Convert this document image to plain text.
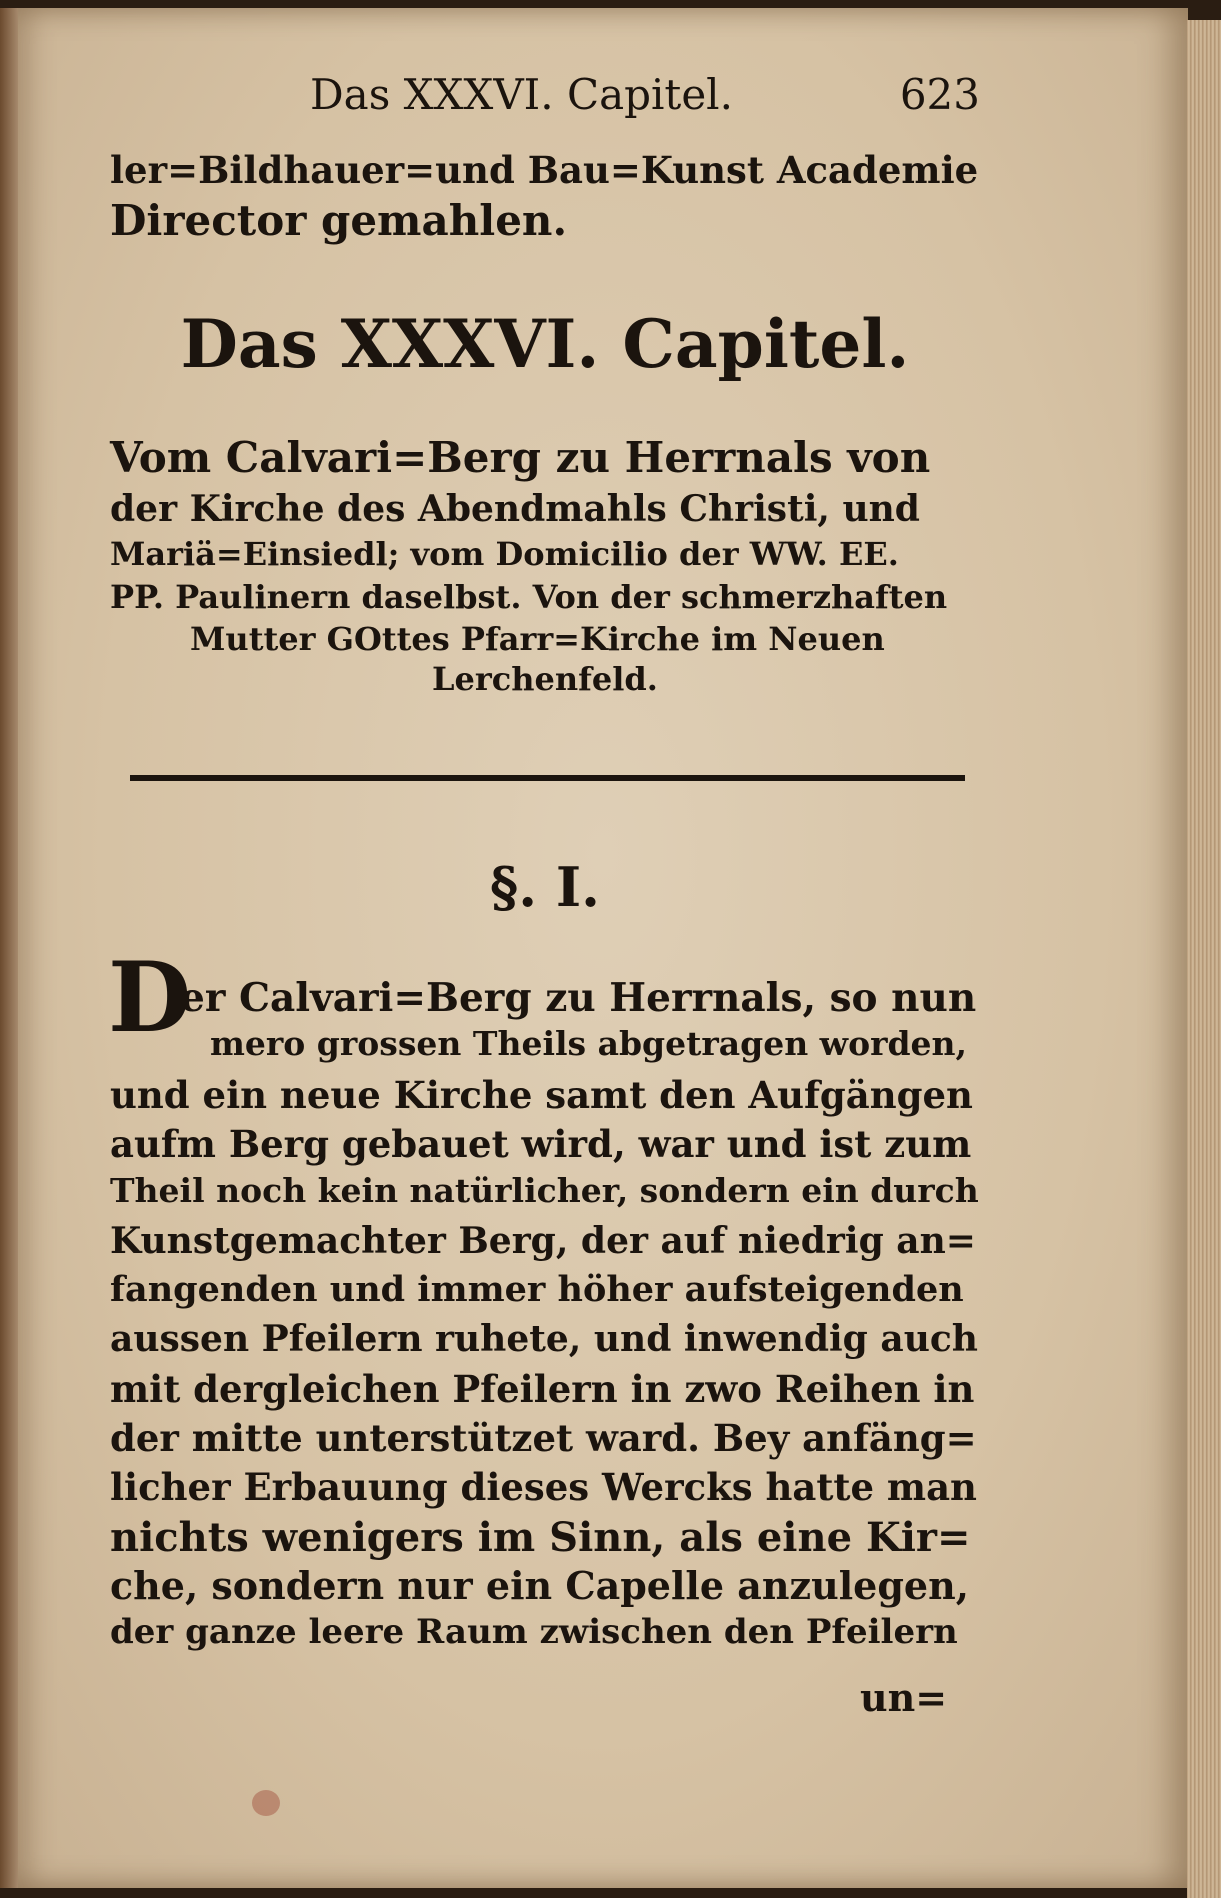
Das XXXVI. Capitel.	623
ler=Bildhauer=und Bau=Kunst Academie
Director gemahlen.
Das XXXVI. Capitel.
Vom Calvari=Berg zu Herrnals von
der Kirche des Abendmahls Christi, und
Mariä=Einsiedl; vom Domicilio der WW. EE.
PP. Paulinern daselbst. Von der schmerzhaften
Mutter GOttes Pfarr=Kirche im Neuen
Lerchenfeld.
§. I.
D
er Calvari=Berg zu Herrnals, so nun
mero grossen Theils abgetragen worden,
und ein neue Kirche samt den Aufgängen
aufm Berg gebauet wird, war und ist zum
Theil noch kein natürlicher, sondern ein durch
Kunstgemachter Berg, der auf niedrig an=
fangenden und immer höher aufsteigenden
aussen Pfeilern ruhete, und inwendig auch
mit dergleichen Pfeilern in zwo Reihen in
der mitte unterstützet ward. Bey anfäng=
licher Erbauung dieses Wercks hatte man
nichts wenigers im Sinn, als eine Kir=
che, sondern nur ein Capelle anzulegen,
der ganze leere Raum zwischen den Pfeilern
un=
